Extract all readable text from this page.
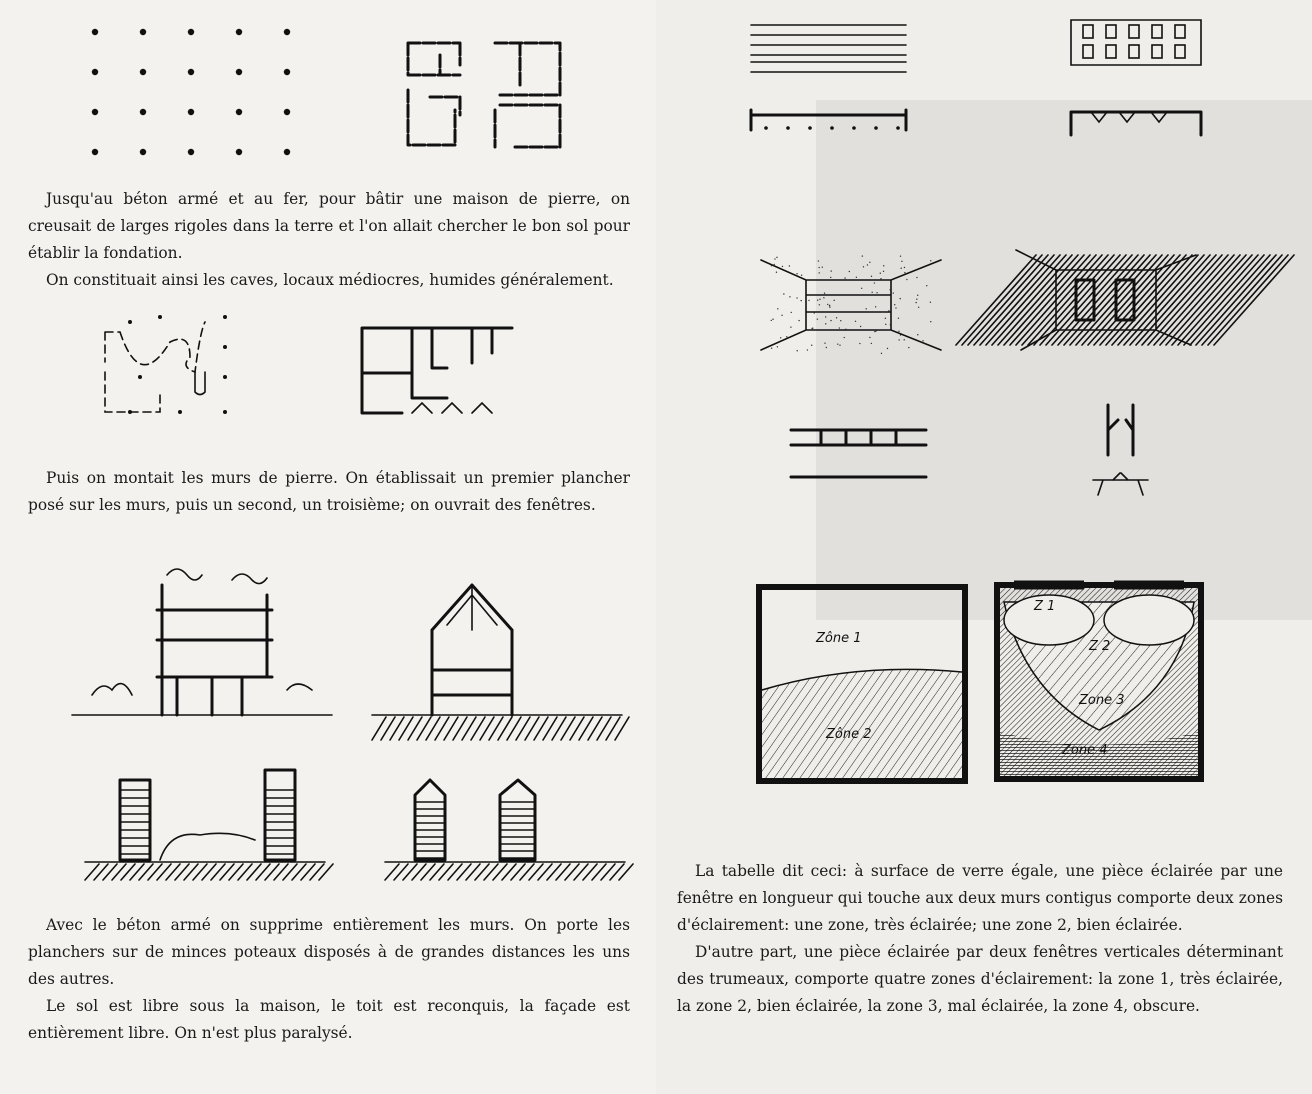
Jusqu'au béton armé et au fer, pour bâtir une maison de pierre, on creusait de larges rigoles dans la terre et l'on allait chercher le bon sol pour établir la fondation.

On constituait ainsi les caves, locaux médiocres, humides généralement.

Puis on montait les murs de pierre. On établissait un premier plancher posé sur les murs, puis un second, un troisième; on ouvrait des fenêtres.

Avec le béton armé on supprime entièrement les murs. On porte les planchers sur de minces poteaux disposés à de grandes distances les uns des autres.

Le sol est libre sous la maison, le toit est reconquis, la façade est entièrement libre. On n'est plus paralysé.

Zône 1
Zône 2
Z 1
Z 2
Zone 3
Zone 4

La tabelle dit ceci: à surface de verre égale, une pièce éclairée par une fenêtre en longueur qui touche aux deux murs contigus comporte deux zones d'éclairement: une zone, très éclairée; une zone 2, bien éclairée.

D'autre part, une pièce éclairée par deux fenêtres verticales déterminant des trumeaux, comporte quatre zones d'éclairement: la zone 1, très éclairée, la zone 2, bien éclairée, la zone 3, mal éclairée, la zone 4, obscure.
